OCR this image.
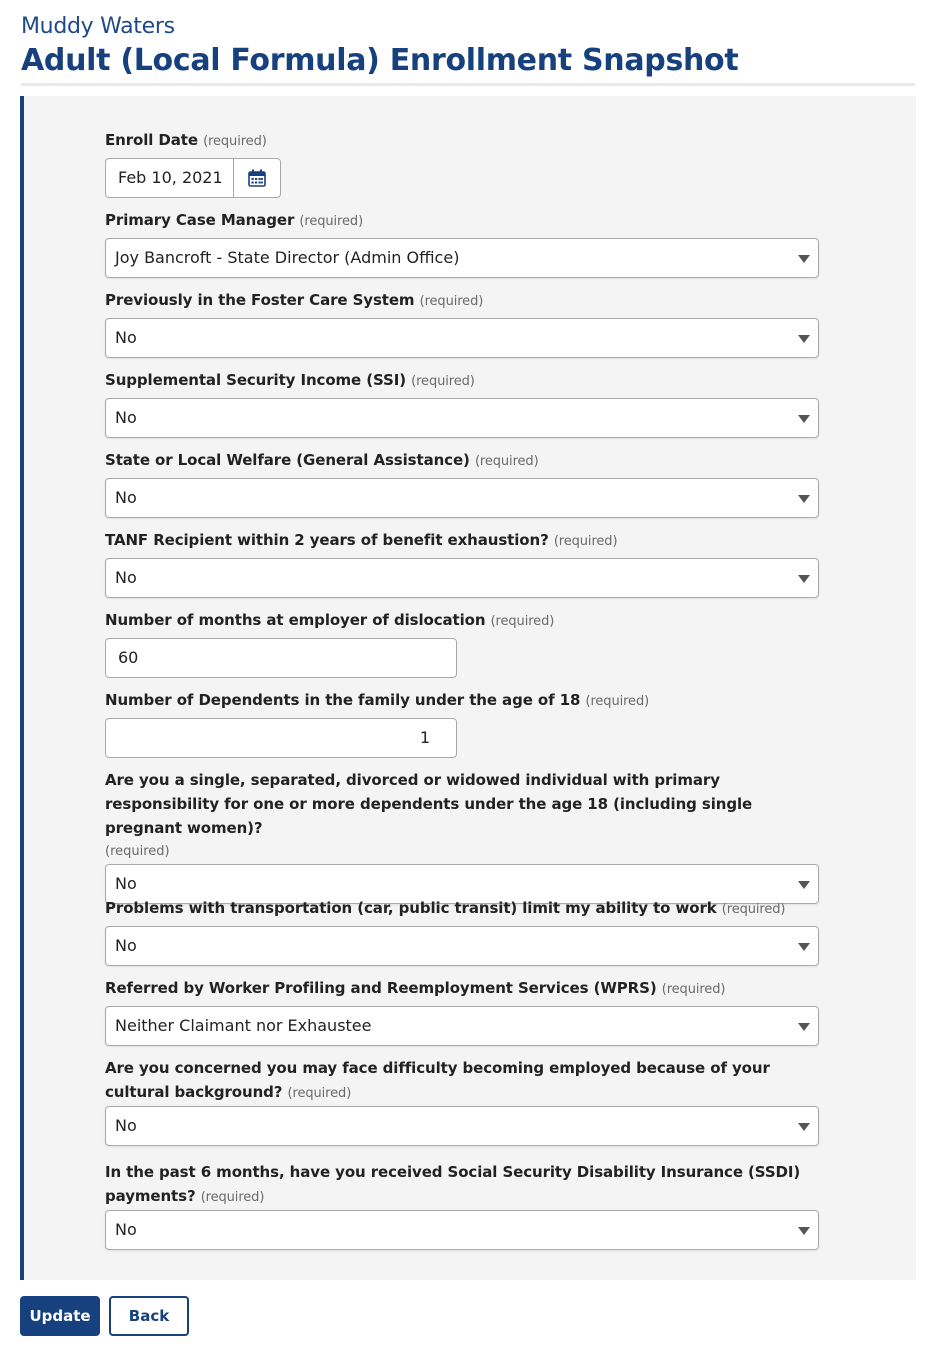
Muddy Waters
Adult (Local Formula) Enrollment Snapshot
Enroll Date (required)
Feb 10, 2021
Primary Case Manager (required)
Joy Bancroft - State Director (Admin Office)
Previously in the Foster Care System (required)
No
Supplemental Security Income (SSI) (required)
No
State or Local Welfare (General Assistance) (required)
No
TANF Recipient within 2 years of benefit exhaustion? (required)
No
Number of months at employer of dislocation (required)
60
Number of Dependents in the family under the age of 18 (required)
1
Are you a single, separated, divorced or widowed individual with primary responsibility for one or more dependents under the age 18 (including single pregnant women)?
(required)
No
Problems with transportation (car, public transit) limit my ability to work (required)
No
Referred by Worker Profiling and Reemployment Services (WPRS) (required)
Neither Claimant nor Exhaustee
Are you concerned you may face difficulty becoming employed because of your cultural background? (required)
No
In the past 6 months, have you received Social Security Disability Insurance (SSDI) payments? (required)
No
Update	Back
